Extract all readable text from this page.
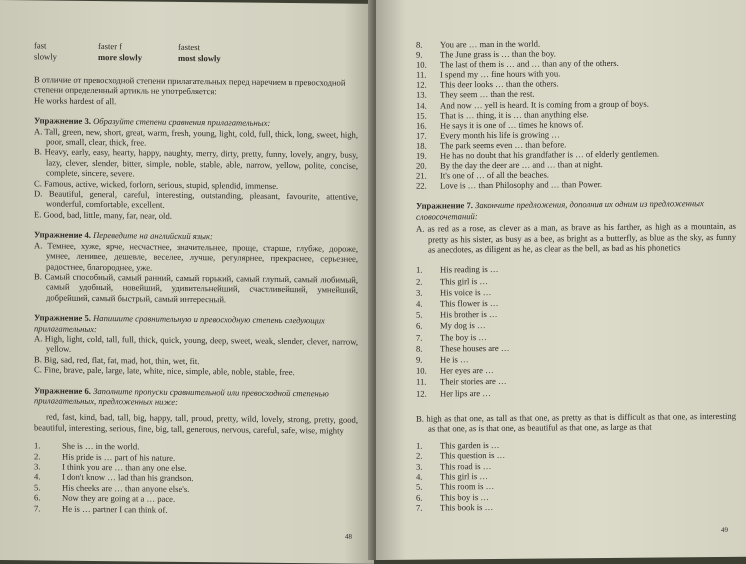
fast	faster f	fastest
slowly	more slowly	most slowly
В отличие от превосходной степени прилагательных перед наречием в превосходной степени определенный артикль не употребляется:
He works hardest of all.
Упражнение 3. Образуйте степени сравнения прилагательных:

A. Tall, green, new, short, great, warm, fresh, young, light, cold, full, thick, long, sweet, high, poor, small, clear, thick, free.

B. Heavy, early, easy, hearty, happy, naughty, merry, dirty, pretty, funny, lovely, angry, busy, lazy, clever, slender, bitter, simple, noble, stable, able, narrow, yellow, polite, concise, complete, sincere, severe.

C. Famous, active, wicked, forlorn, serious, stupid, splendid, immense.

D. Beautiful, general, careful, interesting, outstanding, pleasant, favourite, attentive, wonderful, comfortable, excellent.

E. Good, bad, little, many, far, near, old.

Упражнение 4. Переведите на английский язык:

A. Темнее, хуже, ярче, несчастнее, значительнее, проще, старше, глубже, дороже, умнее, ленивее, дешевле, веселее, лучше, регулярнее, прекраснее, серьезнее, радостнее, благороднее, уже.

B. Самый способный, самый ранний, самый горький, самый глупый, самый любимый, самый удобный, новейший, удивительнейший, счастливейший, умнейший, добрейший, самый быстрый, самый интересный.

Упражнение 5. Напишите сравнительную и превосходную степень следующих прилагательных:

A. High, light, cold, tall, full, thick, quick, young, deep, sweet, weak, slender, clever, narrow, yellow.

B. Big, sad, red, flat, fat, mad, hot, thin, wet, fit.

C. Fine, brave, pale, large, late, white, nice, simple, able, noble, stable, free.

Упражнение 6. Заполните пропуски сравнительной или превосходной степенью прилагательных, предложенных ниже:
red, fast, kind, bad, tall, big, happy, tall, proud, pretty, wild, lovely, strong, pretty, good, beautiful, interesting, serious, fine, big, tall, generous, nervous, careful, safe, wise, mighty
1.	She is … in the world.
2.	His pride is … part of his nature.
3.	I think you are … than any one else.
4.	I don't know … lad than his grandson.
5.	His cheeks are … than anyone else's.
6.	Now they are going at a … pace.
7.	He is … partner I can think of.
48
8.	You are … man in the world.
9.	The June grass is … than the boy.
10.	The last of them is … and … than any of the others.
11.	I spend my … fine hours with you.
12.	This deer looks … than the others.
13.	They seem … than the rest.
14.	And now … yell is heard. It is coming from a group of boys.
15.	That is … thing, it is … than anything else.
16.	He says it is one of … times he knows of.
17.	Every month his life is growing …
18.	The park seems even … than before.
19.	He has no doubt that his grandfather is … of elderly gentlemen.
20.	By the day the deer are … and … than at night.
21.	It's one of … of all the beaches.
22.	Love is … than Philosophy and … than Power.
Упражнение 7. Закончите предложения, дополнив их одним из предложенных словосочетаний:

A. as red as a rose, as clever as a man, as brave as his farther, as high as a mountain, as pretty as his sister, as busy as a bee, as bright as a butterfly, as blue as the sky, as funny as anecdotes, as diligent as he, as clear as the bell, as bad as his phonetics

1. His reading is …
2. This girl is …
3. His voice is …
4. This flower is …
5. His brother is …
6. My dog is …
7. The boy is …
8. These houses are …
9. He is …
10. Her eyes are …
11. Their stories are …
12. Her lips are …

B. high as that one, as tall as that one, as pretty as that is difficult as that one, as interesting as that one, as is that one, as beautiful as that one, as large as that

1. This garden is …
2. This question is …
3. This road is …
4. This girl is …
5. This room is …
6. This boy is …
7. This book is …
49
